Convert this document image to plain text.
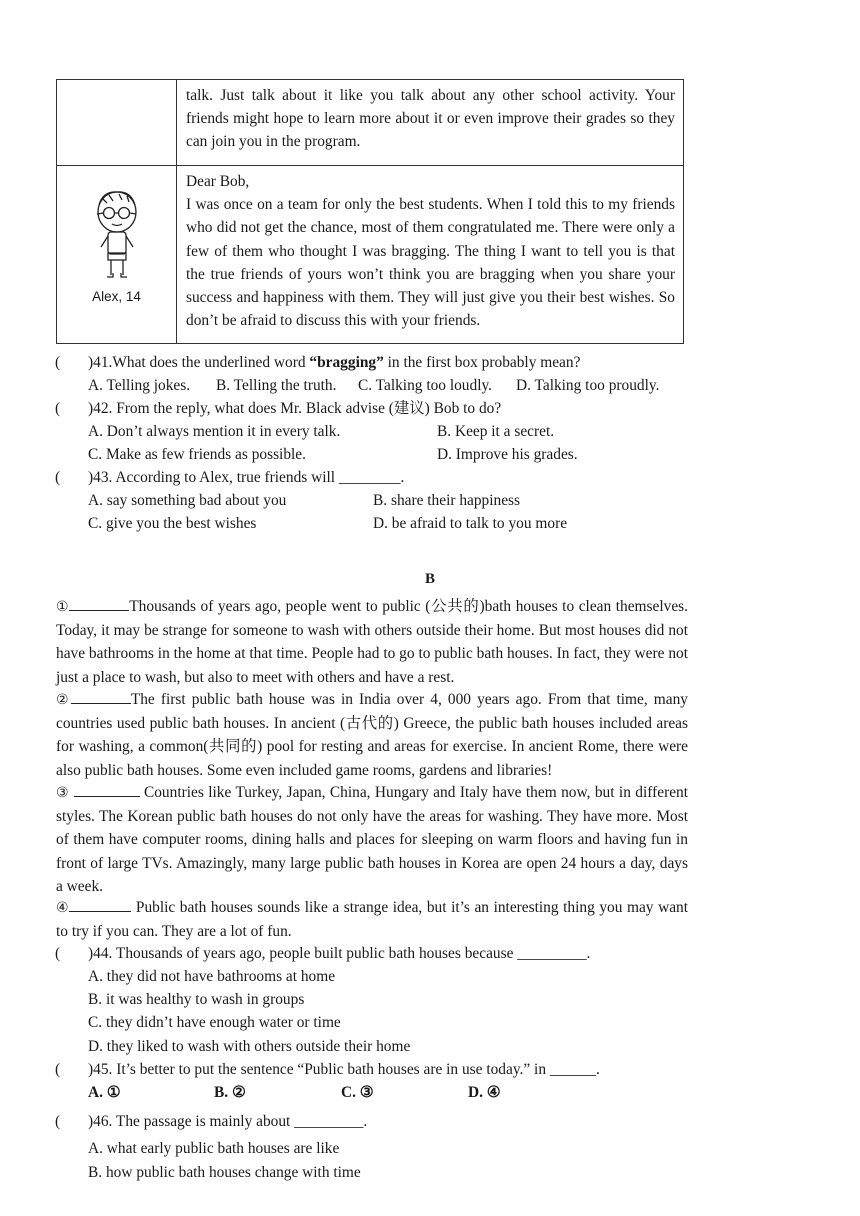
	talk. Just talk about it like you talk about any other school activity. Your friends might hope to learn more about it or even improve their grades so they can join you in the program.

Alex, 14	Dear Bob,
I was once on a team for only the best students. When I told this to my friends who did not get the chance, most of them congratulated me. There were only a few of them who thought I was bragging. The thing I want to tell you is that the true friends of yours won’t think you are bragging when you share your success and happiness with them. They will just give you their best wishes. So don’t be afraid to discuss this with your friends.
( )41.What does the underlined word “bragging” in the first box probably mean?
A. Telling jokes. B. Telling the truth. C. Talking too loudly. D. Talking too proudly.
( )42. From the reply, what does Mr. Black advise (建议) Bob to do?
A. Don’t always mention it in every talk.	B. Keep it a secret.
C. Make as few friends as possible.	D. Improve his grades.
( )43. According to Alex, true friends will ________.
A. say something bad about you	B. share their happiness
C. give you the best wishes	D. be afraid to talk to you more
B
①	Thousands of years ago, people went to public (公共的)bath houses to clean themselves. Today, it may be strange for someone to wash with others outside their home. But most houses did not have bathrooms in the home at that time. People had to go to public bath houses. In fact, they were not just a place to wash, but also to meet with others and have a rest.
②	The first public bath house was in India over 4, 000 years ago. From that time, many countries used public bath houses. In ancient (古代的) Greece, the public bath houses included areas for washing, a common(共同的) pool for resting and areas for exercise. In ancient Rome, there were also public bath houses. Some even included game rooms, gardens and libraries!
③	Countries like Turkey, Japan, China, Hungary and Italy have them now, but in different styles. The Korean public bath houses do not only have the areas for washing. They have more. Most of them have computer rooms, dining halls and places for sleeping on warm floors and having fun in front of large TVs. Amazingly, many large public bath houses in Korea are open 24 hours a day, days a week.
④	Public bath houses sounds like a strange idea, but it’s an interesting thing you may want to try if you can. They are a lot of fun.
( )44. Thousands of years ago, people built public bath houses because _________.
A. they did not have bathrooms at home
B. it was healthy to wash in groups
C. they didn’t have enough water or time
D. they liked to wash with others outside their home
( )45. It’s better to put the sentence “Public bath houses are in use today.” in ______.
A. ①	B. ②	C. ③	D. ④
( )46. The passage is mainly about _________.
A. what early public bath houses are like
B. how public bath houses change with time
